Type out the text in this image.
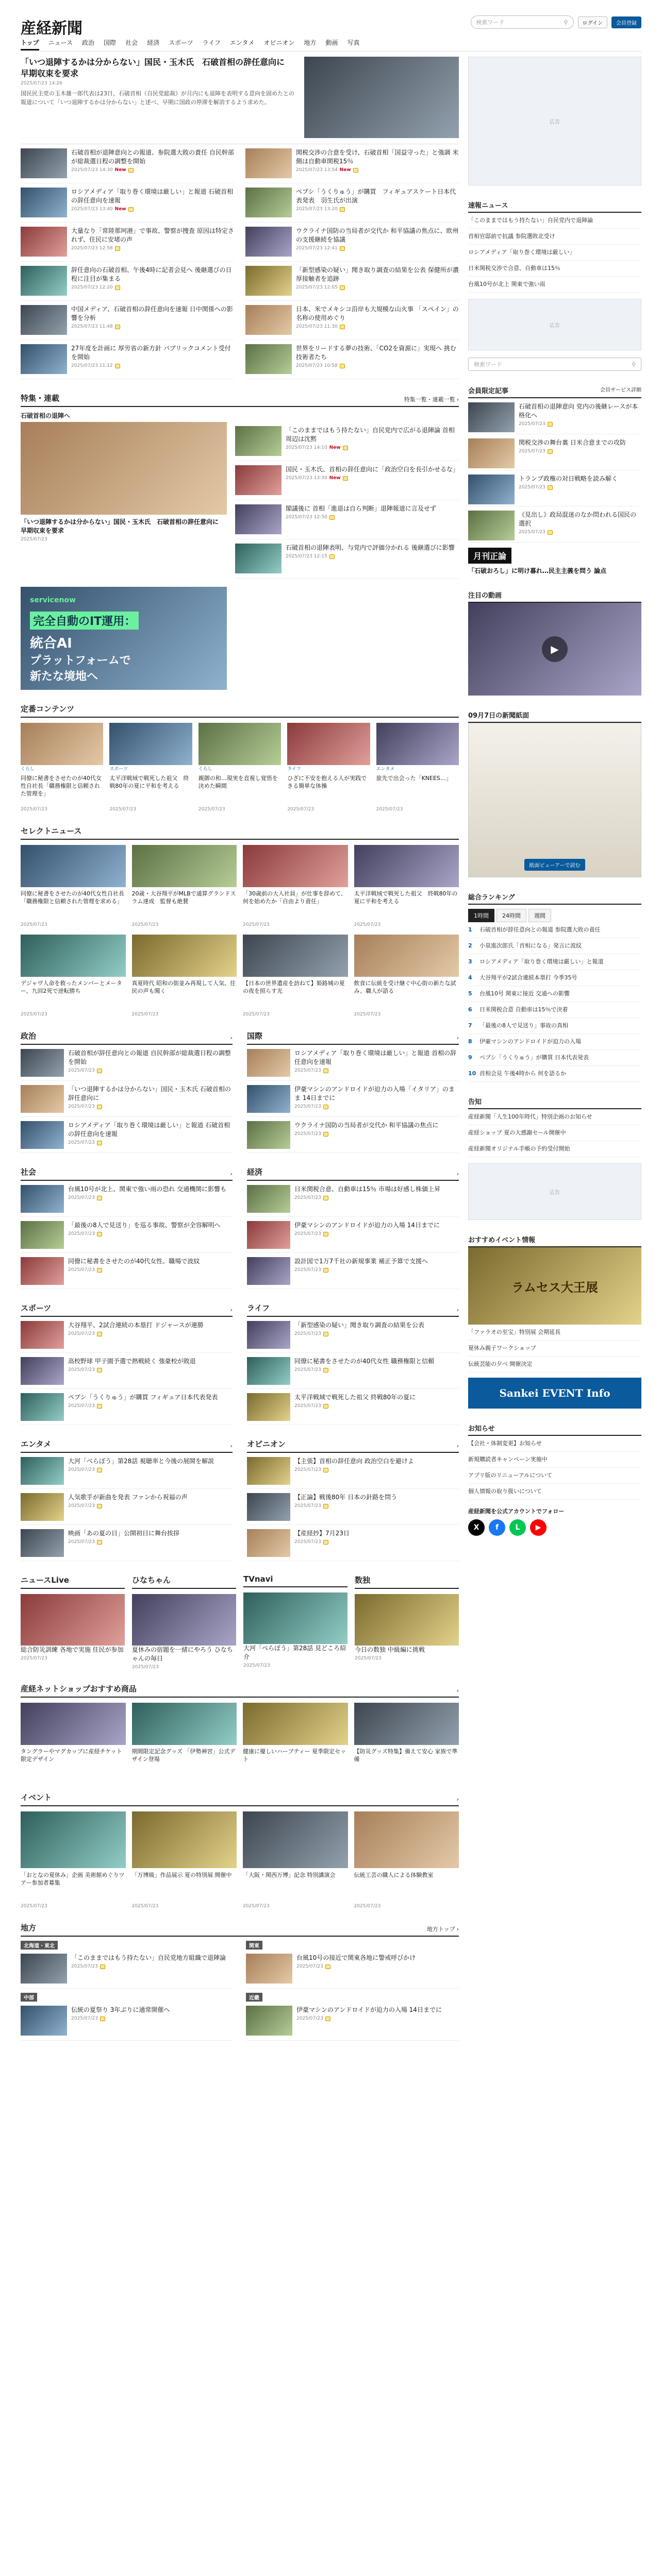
産経新聞	検索ワード	⚲	ログイン	会員登録
トップ ニュース 政治 国際 社会 経済 スポーツ ライフ エンタメ オピニオン 地方 動画 写真
「いつ退陣するかは分からない」国民・玉木氏　石破首相の辞任意向に　早期収束を要求
2025/07/23 14:26
国民民主党の玉木雄一郎代表は23日、石破首相（自民党総裁）が月内にも退陣を表明する意向を固めたとの報道について「いつ退陣するかは分からない」と述べ、早期に国政の停滞を解消するよう求めた。
石破首相が退陣意向との報道、参院選大敗の責任 自民幹部が総裁選日程の調整を開始
2025/07/23 14:30 New
関税交渉の合意を受け、石破首相「国益守った」と強調 米側は自動車関税15％
2025/07/23 13:54 New
ロシアメディア「取り巻く環境は厳しい」と報道 石破首相の辞任意向を速報
2025/07/23 13:40 New
ペプシ「うくりゅう」が購買　フィギュアスケート日本代表発表　羽生氏が出演
2025/07/23 13:20
大量なり「常陸那珂港」で事故、警察が捜査 原因は特定されず、住民に安堵の声
2025/07/23 12:58
ウクライナ国防の当局者が交代か 和平協議の焦点に、欧州の支援継続を協議
2025/07/23 12:41
辞任意向の石破首相、午後4時に記者会見へ 後継選びの日程に注目が集まる
2025/07/23 12:20
「新型感染の疑い」聞き取り調査の結果を公表 保健所が濃厚接触者を追跡
2025/07/23 12:05
中国メディア、石破首相の辞任意向を速報 日中関係への影響を分析
2025/07/23 11:48
日本、米でメキシコ沿岸も大規模な山火事 「スペイン」の名称の使用めぐり
2025/07/23 11:30
27年度を計画に 厚労省の新方針 パブリックコメント受付を開始
2025/07/23 11:12
世界をリードする夢の技術、「CO2を資源に」実現へ 挑む技術者たち
2025/07/23 10:58
特集・連載	特集一覧・連載一覧 ›
石破首相の退陣へ
「いつ退陣するかは分からない」国民・玉木氏　石破首相の辞任意向に　早期収束を要求
2025/07/23
「このままではもう持たない」自民党内で広がる退陣論 首相周辺は沈黙
2025/07/23 14:10 New
国民・玉木氏、首相の辞任意向に「政治空白を長引かせるな」
2025/07/23 13:30 New
閣議後に 首相「進退は自ら判断」退陣報道に言及せず
2025/07/23 12:50
石破首相の退陣表明、与党内で評価分かれる 後継選びに影響
2025/07/23 12:15
servicenow
完全自動のIT運用：
統合AI
プラットフォームで
新たな境地へ
定番コンテンツ
くらし
同僚に秘書をさせたのが40代女性自社長「職務権限と信頼された管理を」
2025/07/23
スポーツ
太平洋戦域で戦死した祖父　終戦80年の夏に平和を考える
2025/07/23
くらし
親御の和…現実を直視し覚悟を決めた瞬間
2025/07/23
ライフ
ひざに不安を抱える人が実践できる簡単な体操
2025/07/23
エンタメ
旅先で出会った「KNEES…」
2025/07/23
セレクトニュース
同僚に秘書をさせたのが40代女性自社長「職務権限と信頼された管理を求める」
2025/07/23
20歳・大谷翔平がMLBで通算グランドスラム達成　監督も絶賛
2025/07/23
「30歳前の大人社員」が仕事を辞めて、何を始めたか「自由より責任」
2025/07/23
太平洋戦域で戦死した祖父　終戦80年の夏に平和を考える
2025/07/23
デジャヴ人命を救ったメンバーとメーター、九回2死で逆転勝ち
2025/07/23
真夏時代 昭和の街並み再現して人気、住民の声も聞く
2025/07/23
【日本の世界遺産を訪ねて】姫路城の夏の夜を照らす光
2025/07/23
飲食に伝統を受け継ぐ中心街の新たな試み、職人が語る
2025/07/23
政治	›
石破首相が辞任意向との報道 自民幹部が総裁選日程の調整を開始
2025/07/23
「いつ退陣するかは分からない」国民・玉木氏 石破首相の辞任意向に
2025/07/23
ロシアメディア「取り巻く環境は厳しい」と報道 石破首相の辞任意向を速報
2025/07/23
国際	›
ロシアメディア「取り巻く環境は厳しい」と報道 首相の辞任意向を速報
2025/07/23
伊豪マシンのアンドロイドが迫力の入場「イタリア」のまま 14日までに
2025/07/23
ウクライナ国防の当局者が交代か 和平協議の焦点に
2025/07/23
社会	›
台風10号が北上、関東で強い雨の恐れ 交通機関に影響も
2025/07/23
「最後の8人で見送り」を巡る事故、警察が全容解明へ
2025/07/23
同僚に秘書をさせたのが40代女性、職場で波紋
2025/07/23
経済	›
日米関税合意、自動車は15％ 市場は好感し株価上昇
2025/07/23
伊豪マシンのアンドロイドが迫力の入場 14日までに
2025/07/23
設計図で1万7千社の新規事業 補正予算で支援へ
2025/07/23
スポーツ	›
大谷翔平、2試合連続の本塁打 ドジャースが連勝
2025/07/23
高校野球 甲子園予選で熱戦続く 強豪校が敗退
2025/07/23
ペプシ「うくりゅう」が購買 フィギュア日本代表発表
2025/07/23
ライフ	›
「新型感染の疑い」聞き取り調査の結果を公表
2025/07/23
同僚に秘書をさせたのが40代女性 職務権限と信頼
2025/07/23
太平洋戦域で戦死した祖父 終戦80年の夏に
2025/07/23
エンタメ	›
大河「べらぼう」第28話 視聴率と今後の展開を解説
2025/07/23
人気歌手が新曲を発表 ファンから祝福の声
2025/07/23
映画「あの夏の日」公開初日に舞台挨拶
2025/07/23
オピニオン	›
【主張】首相の辞任意向 政治空白を避けよ
2025/07/23
【正論】戦後80年 日本の針路を問う
2025/07/23
【産経抄】7月23日
2025/07/23
ニュースLive
総合防災訓練 各地で実施 住民が参加
2025/07/23
ひなちゃん
夏休みの宿題を一緒にやろう ひなちゃんの毎日
2025/07/23
TVnavi
大河「べらぼう」第28話 見どころ紹介
2025/07/23
数独
今日の数独 中級編に挑戦
2025/07/23
産経ネットショップおすすめ商品	›
タングラーやマグカップに産経チケット限定デザイン
期間限定記念グッズ 「伊勢神宮」公式デザイン登場
健康に優しいハーブティー 夏季限定セット
【防災グッズ特集】備えて安心 家族で準備
イベント	›
「おとなの夏休み」企画 美術館めぐりツアー参加者募集
2025/07/23
「万博級」作品展示 夏の特別展 開催中
2025/07/23
「大阪・関西万博」記念 特別講演会
2025/07/23
伝統工芸の職人による体験教室
2025/07/23
地方	地方トップ ›
北海道・東北
「このままではもう持たない」自民党地方組織で退陣論
2025/07/23
関東
台風10号の接近で関東各地に警戒呼びかけ
2025/07/23
中部
伝統の夏祭り 3年ぶりに通常開催へ
2025/07/23
近畿
伊豪マシンのアンドロイドが迫力の入場 14日までに
2025/07/23
広告
速報ニュース
「このままではもう持たない」自民党内で退陣論
首相官邸前で抗議 参院選敗北受け
ロシアメディア「取り巻く環境は厳しい」
日米関税交渉で合意、自動車は15％
台風10号が北上 関東で強い雨
広告
検索ワード	⚲
会員限定記事	会員サービス詳細
石破首相の退陣意向 党内の後継レースが本格化へ
2025/07/23
関税交渉の舞台裏 日米合意までの攻防
2025/07/23
トランプ政権の対日戦略を読み解く
2025/07/23
《見出し》政局混迷のなか問われる国民の選択
2025/07/23
月刊正論
「石破おろし」に明け暮れ…民主主義を問う 論点
注目の動画
▶
09月7日の新聞紙面
紙面ビューアーで読む
総合ランキング
1時間	24時間	週間
1	石破首相が辞任意向との報道 参院選大敗の責任
2	小泉進次郎氏「首相になる」発言に波紋
3	ロシアメディア「取り巻く環境は厳しい」と報道
4	大谷翔平が2試合連続本塁打 今季35号
5	台風10号 関東に接近 交通への影響
6	日米関税合意 自動車は15％で決着
7	「最後の8人で見送り」事故の真相
8	伊豪マシンのアンドロイドが迫力の入場
9	ペプシ「うくりゅう」が購買 日本代表発表
10 首相会見 午後4時から 何を語るか
告知
産経新聞「人生100年時代」特別企画のお知らせ
産経ショップ 夏の大感謝セール開催中
産経新聞オリジナル手帳の予約受付開始
広告
おすすめイベント情報
ラムセス大王展
「ファラオの至宝」特別展 会期延長
夏休み親子ワークショップ
伝統芸能の夕べ 開催決定
Sankei EVENT Info
お知らせ
【会社・体制変更】お知らせ
新規購読者キャンペーン実施中
アプリ版のリニューアルについて
個人情報の取り扱いについて
産経新聞を公式アカウントでフォロー
X	f	L	▶
